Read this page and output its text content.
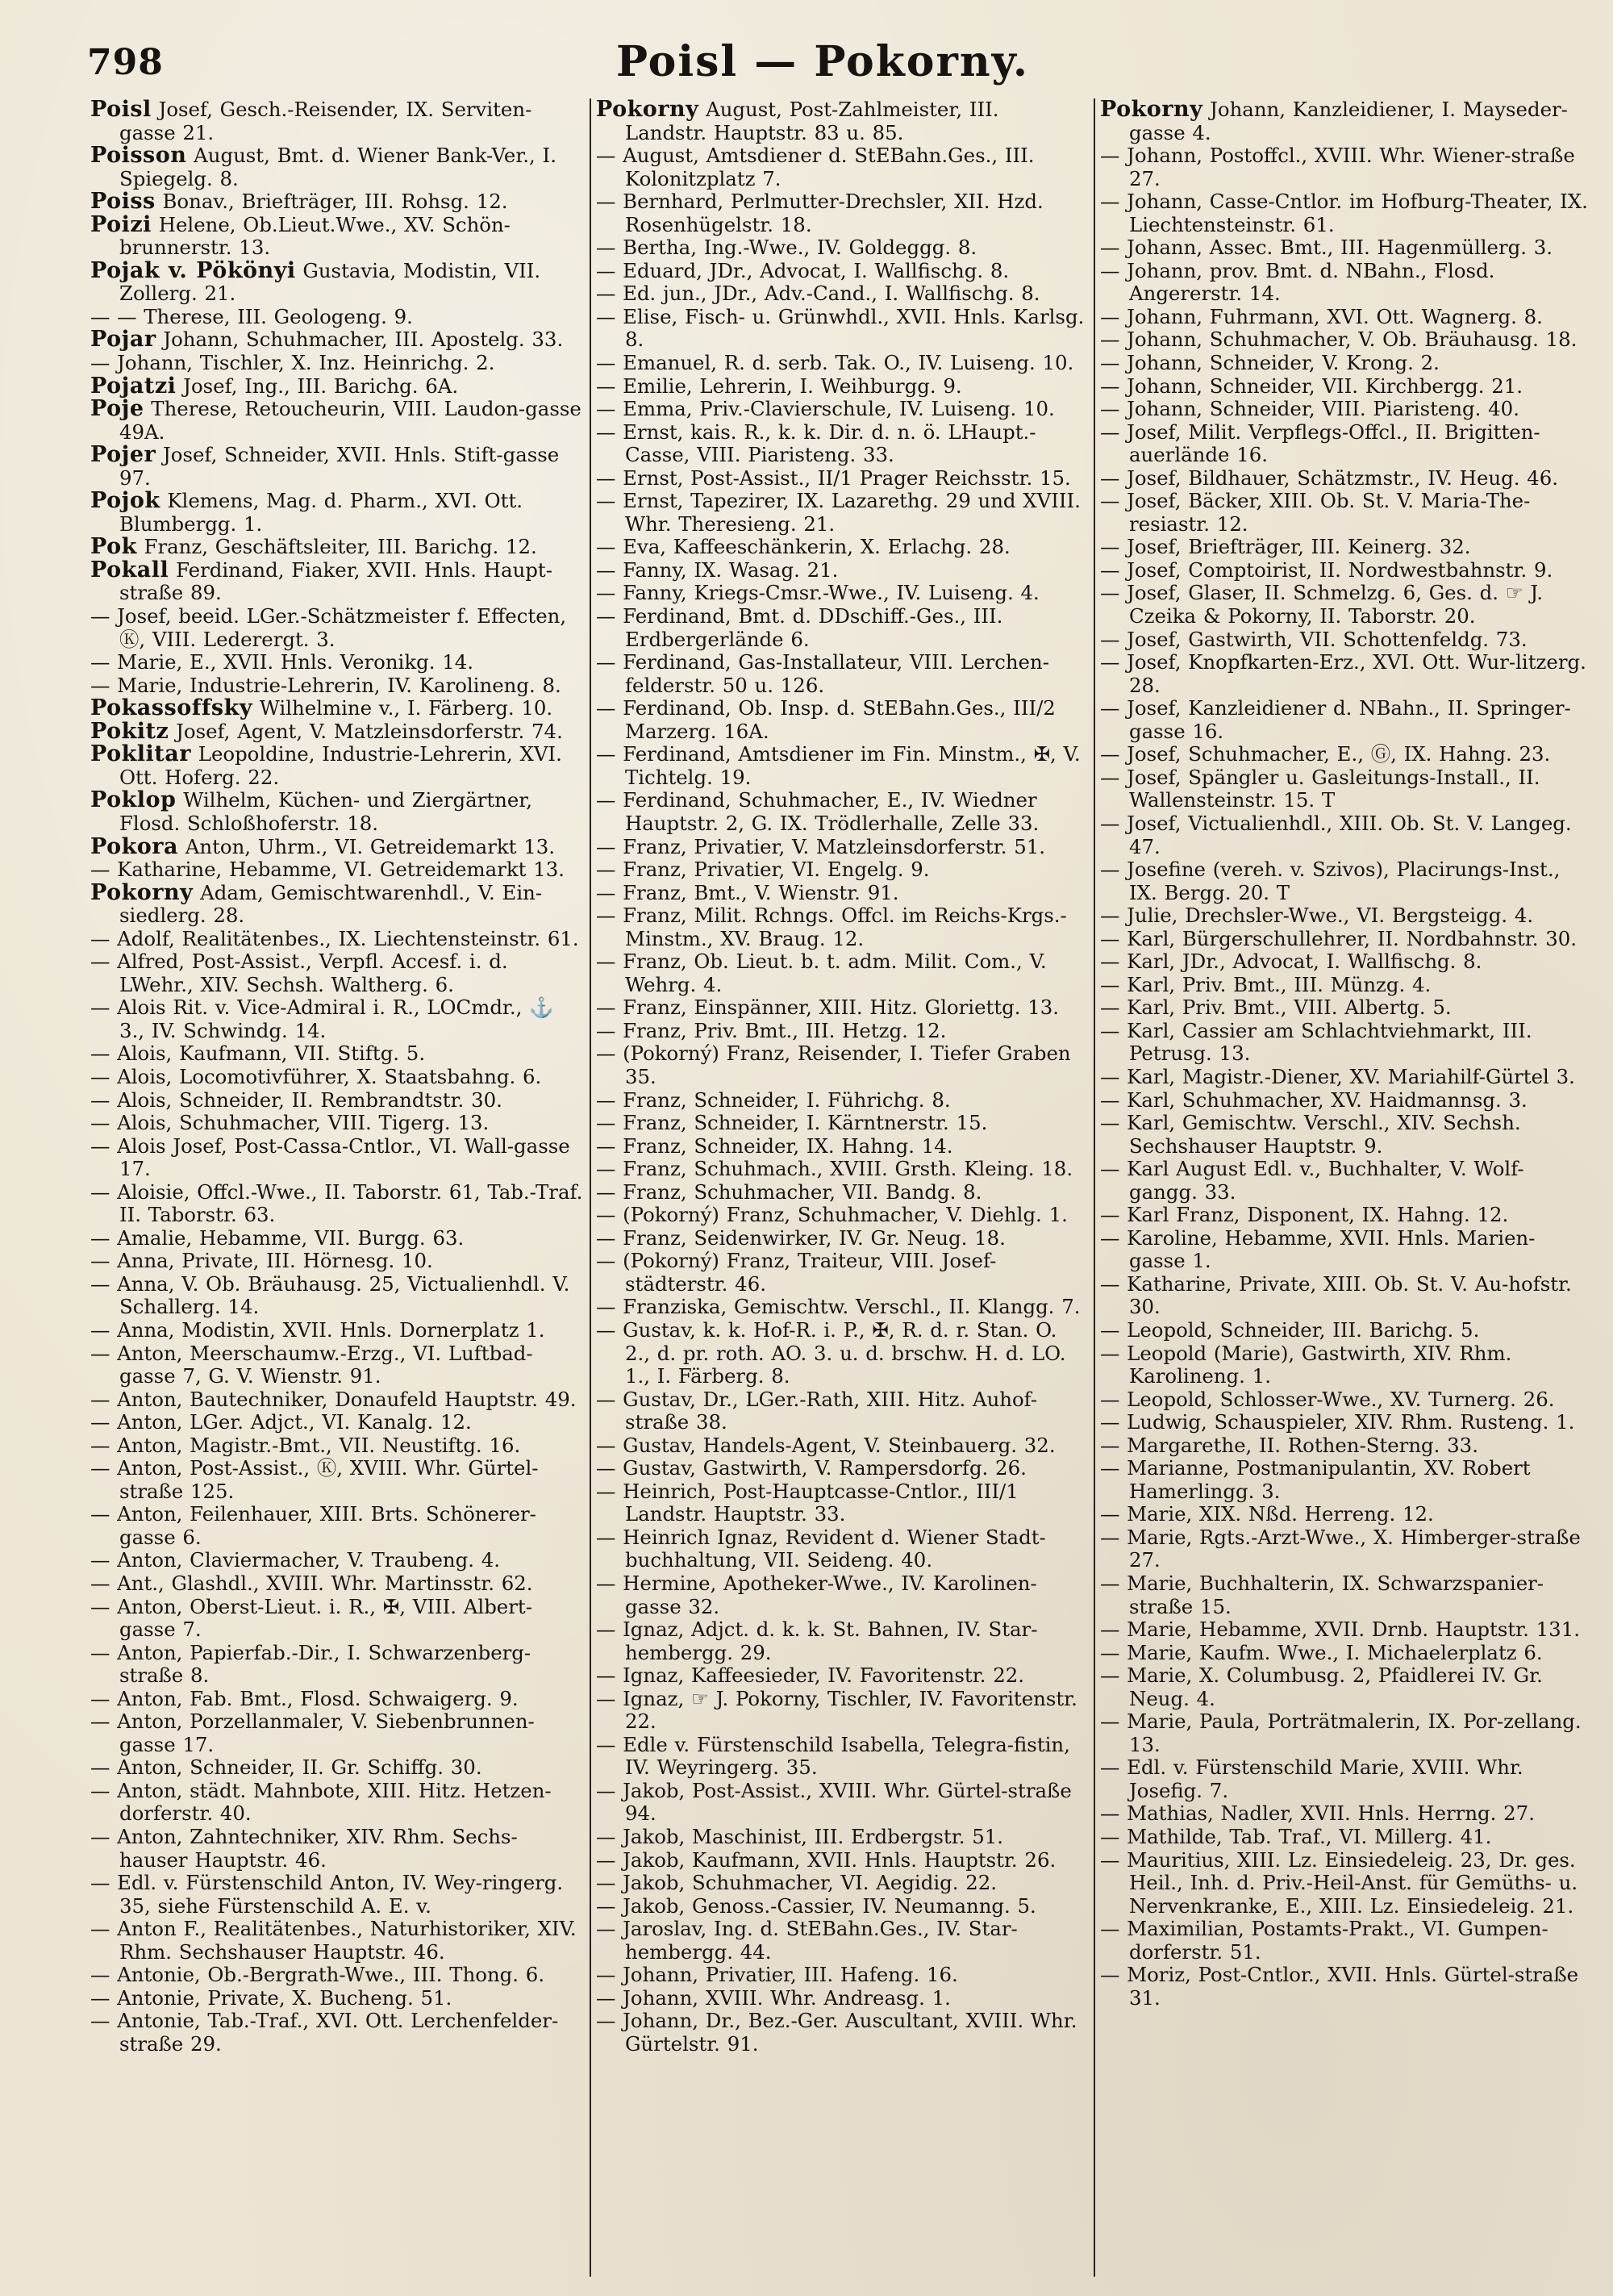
798	Poisl — Pokorny.

Poisl Josef, Gesch.-Reisender, IX. Serviten-gasse 21.

Poisson August, Bmt. d. Wiener Bank-Ver., I. Spiegelg. 8.

Poiss Bonav., Briefträger, III. Rohsg. 12.

Poizi Helene, Ob.Lieut.Wwe., XV. Schön-brunnerstr. 13.

Pojak v. Pökönyi Gustavia, Modistin, VII. Zollerg. 21.

— — Therese, III. Geologeng. 9.

Pojar Johann, Schuhmacher, III. Apostelg. 33.

— Johann, Tischler, X. Inz. Heinrichg. 2.

Pojatzi Josef, Ing., III. Barichg. 6A.

Poje Therese, Retoucheurin, VIII. Laudon-gasse 49A.

Pojer Josef, Schneider, XVII. Hnls. Stift-gasse 97.

Pojok Klemens, Mag. d. Pharm., XVI. Ott. Blumbergg. 1.

Pok Franz, Geschäftsleiter, III. Barichg. 12.

Pokall Ferdinand, Fiaker, XVII. Hnls. Haupt-straße 89.

— Josef, beeid. LGer.-Schätzmeister f. Effecten, Ⓚ, VIII. Lederergt. 3.

— Marie, E., XVII. Hnls. Veronikg. 14.

— Marie, Industrie-Lehrerin, IV. Karolineng. 8.

Pokassoffsky Wilhelmine v., I. Färberg. 10.

Pokitz Josef, Agent, V. Matzleinsdorferstr. 74.

Poklitar Leopoldine, Industrie-Lehrerin, XVI. Ott. Hoferg. 22.

Poklop Wilhelm, Küchen- und Ziergärtner, Flosd. Schloßhoferstr. 18.

Pokora Anton, Uhrm., VI. Getreidemarkt 13.

— Katharine, Hebamme, VI. Getreidemarkt 13.

Pokorny Adam, Gemischtwarenhdl., V. Ein-siedlerg. 28.

— Adolf, Realitätenbes., IX. Liechtensteinstr. 61.

— Alfred, Post-Assist., Verpfl. Accesf. i. d. LWehr., XIV. Sechsh. Waltherg. 6.

— Alois Rit. v. Vice-Admiral i. R., LOCmdr., ⚓ 3., IV. Schwindg. 14.

— Alois, Kaufmann, VII. Stiftg. 5.

— Alois, Locomotivführer, X. Staatsbahng. 6.

— Alois, Schneider, II. Rembrandtstr. 30.

— Alois, Schuhmacher, VIII. Tigerg. 13.

— Alois Josef, Post-Cassa-Cntlor., VI. Wall-gasse 17.

— Aloisie, Offcl.-Wwe., II. Taborstr. 61, Tab.-Traf. II. Taborstr. 63.

— Amalie, Hebamme, VII. Burgg. 63.

— Anna, Private, III. Hörnesg. 10.

— Anna, V. Ob. Bräuhausg. 25, Victualienhdl. V. Schallerg. 14.

— Anna, Modistin, XVII. Hnls. Dornerplatz 1.

— Anton, Meerschaumw.-Erzg., VI. Luftbad-gasse 7, G. V. Wienstr. 91.

— Anton, Bautechniker, Donaufeld Hauptstr. 49.

— Anton, LGer. Adjct., VI. Kanalg. 12.

— Anton, Magistr.-Bmt., VII. Neustiftg. 16.

— Anton, Post-Assist., Ⓚ, XVIII. Whr. Gürtel-straße 125.

— Anton, Feilenhauer, XIII. Brts. Schönerer-gasse 6.

— Anton, Claviermacher, V. Traubeng. 4.

— Ant., Glashdl., XVIII. Whr. Martinsstr. 62.

— Anton, Oberst-Lieut. i. R., ✠, VIII. Albert-gasse 7.

— Anton, Papierfab.-Dir., I. Schwarzenberg-straße 8.

— Anton, Fab. Bmt., Flosd. Schwaigerg. 9.

— Anton, Porzellanmaler, V. Siebenbrunnen-gasse 17.

— Anton, Schneider, II. Gr. Schiffg. 30.

— Anton, städt. Mahnbote, XIII. Hitz. Hetzen-dorferstr. 40.

— Anton, Zahntechniker, XIV. Rhm. Sechs-hauser Hauptstr. 46.

— Edl. v. Fürstenschild Anton, IV. Wey-ringerg. 35, siehe Fürstenschild A. E. v.

— Anton F., Realitätenbes., Naturhistoriker, XIV. Rhm. Sechshauser Hauptstr. 46.

— Antonie, Ob.-Bergrath-Wwe., III. Thong. 6.

— Antonie, Private, X. Bucheng. 51.

— Antonie, Tab.-Traf., XVI. Ott. Lerchenfelder-straße 29.

Pokorny August, Post-Zahlmeister, III. Landstr. Hauptstr. 83 u. 85.

— August, Amtsdiener d. StEBahn.Ges., III. Kolonitzplatz 7.

— Bernhard, Perlmutter-Drechsler, XII. Hzd. Rosenhügelstr. 18.

— Bertha, Ing.-Wwe., IV. Goldeggg. 8.

— Eduard, JDr., Advocat, I. Wallfischg. 8.

— Ed. jun., JDr., Adv.-Cand., I. Wallfischg. 8.

— Elise, Fisch- u. Grünwhdl., XVII. Hnls. Karlsg. 8.

— Emanuel, R. d. serb. Tak. O., IV. Luiseng. 10.

— Emilie, Lehrerin, I. Weihburgg. 9.

— Emma, Priv.-Clavierschule, IV. Luiseng. 10.

— Ernst, kais. R., k. k. Dir. d. n. ö. LHaupt.-Casse, VIII. Piaristeng. 33.

— Ernst, Post-Assist., II/1 Prager Reichsstr. 15.

— Ernst, Tapezirer, IX. Lazarethg. 29 und XVIII. Whr. Theresieng. 21.

— Eva, Kaffeeschänkerin, X. Erlachg. 28.

— Fanny, IX. Wasag. 21.

— Fanny, Kriegs-Cmsr.-Wwe., IV. Luiseng. 4.

— Ferdinand, Bmt. d. DDschiff.-Ges., III. Erdbergerlände 6.

— Ferdinand, Gas-Installateur, VIII. Lerchen-felderstr. 50 u. 126.

— Ferdinand, Ob. Insp. d. StEBahn.Ges., III/2 Marzerg. 16A.

— Ferdinand, Amtsdiener im Fin. Minstm., ✠, V. Tichtelg. 19.

— Ferdinand, Schuhmacher, E., IV. Wiedner Hauptstr. 2, G. IX. Trödlerhalle, Zelle 33.

— Franz, Privatier, V. Matzleinsdorferstr. 51.

— Franz, Privatier, VI. Engelg. 9.

— Franz, Bmt., V. Wienstr. 91.

— Franz, Milit. Rchngs. Offcl. im Reichs-Krgs.-Minstm., XV. Braug. 12.

— Franz, Ob. Lieut. b. t. adm. Milit. Com., V. Wehrg. 4.

— Franz, Einspänner, XIII. Hitz. Gloriettg. 13.

— Franz, Priv. Bmt., III. Hetzg. 12.

— (Pokorný) Franz, Reisender, I. Tiefer Graben 35.

— Franz, Schneider, I. Führichg. 8.

— Franz, Schneider, I. Kärntnerstr. 15.

— Franz, Schneider, IX. Hahng. 14.

— Franz, Schuhmach., XVIII. Grsth. Kleing. 18.

— Franz, Schuhmacher, VII. Bandg. 8.

— (Pokorný) Franz, Schuhmacher, V. Diehlg. 1.

— Franz, Seidenwirker, IV. Gr. Neug. 18.

— (Pokorný) Franz, Traiteur, VIII. Josef-städterstr. 46.

— Franziska, Gemischtw. Verschl., II. Klangg. 7.

— Gustav, k. k. Hof-R. i. P., ✠, R. d. r. Stan. O. 2., d. pr. roth. AO. 3. u. d. brschw. H. d. LO. 1., I. Färberg. 8.

— Gustav, Dr., LGer.-Rath, XIII. Hitz. Auhof-straße 38.

— Gustav, Handels-Agent, V. Steinbauerg. 32.

— Gustav, Gastwirth, V. Rampersdorfg. 26.

— Heinrich, Post-Hauptcasse-Cntlor., III/1 Landstr. Hauptstr. 33.

— Heinrich Ignaz, Revident d. Wiener Stadt-buchhaltung, VII. Seideng. 40.

— Hermine, Apotheker-Wwe., IV. Karolinen-gasse 32.

— Ignaz, Adjct. d. k. k. St. Bahnen, IV. Star-hembergg. 29.

— Ignaz, Kaffeesieder, IV. Favoritenstr. 22.

— Ignaz, ☞ J. Pokorny, Tischler, IV. Favoritenstr. 22.

— Edle v. Fürstenschild Isabella, Telegra-fistin, IV. Weyringerg. 35.

— Jakob, Post-Assist., XVIII. Whr. Gürtel-straße 94.

— Jakob, Maschinist, III. Erdbergstr. 51.

— Jakob, Kaufmann, XVII. Hnls. Hauptstr. 26.

— Jakob, Schuhmacher, VI. Aegidig. 22.

— Jakob, Genoss.-Cassier, IV. Neumanng. 5.

— Jaroslav, Ing. d. StEBahn.Ges., IV. Star-hembergg. 44.

— Johann, Privatier, III. Hafeng. 16.

— Johann, XVIII. Whr. Andreasg. 1.

— Johann, Dr., Bez.-Ger. Auscultant, XVIII. Whr. Gürtelstr. 91.

Pokorny Johann, Kanzleidiener, I. Mayseder-gasse 4.

— Johann, Postoffcl., XVIII. Whr. Wiener-straße 27.

— Johann, Casse-Cntlor. im Hofburg-Theater, IX. Liechtensteinstr. 61.

— Johann, Assec. Bmt., III. Hagenmüllerg. 3.

— Johann, prov. Bmt. d. NBahn., Flosd. Angererstr. 14.

— Johann, Fuhrmann, XVI. Ott. Wagnerg. 8.

— Johann, Schuhmacher, V. Ob. Bräuhausg. 18.

— Johann, Schneider, V. Krong. 2.

— Johann, Schneider, VII. Kirchbergg. 21.

— Johann, Schneider, VIII. Piaristeng. 40.

— Josef, Milit. Verpflegs-Offcl., II. Brigitten-auerlände 16.

— Josef, Bildhauer, Schätzmstr., IV. Heug. 46.

— Josef, Bäcker, XIII. Ob. St. V. Maria-The-resiastr. 12.

— Josef, Briefträger, III. Keinerg. 32.

— Josef, Comptoirist, II. Nordwestbahnstr. 9.

— Josef, Glaser, II. Schmelzg. 6, Ges. d. ☞ J. Czeika & Pokorny, II. Taborstr. 20.

— Josef, Gastwirth, VII. Schottenfeldg. 73.

— Josef, Knopfkarten-Erz., XVI. Ott. Wur-litzerg. 28.

— Josef, Kanzleidiener d. NBahn., II. Springer-gasse 16.

— Josef, Schuhmacher, E., Ⓖ, IX. Hahng. 23.

— Josef, Spängler u. Gasleitungs-Install., II. Wallensteinstr. 15. T

— Josef, Victualienhdl., XIII. Ob. St. V. Langeg. 47.

— Josefine (vereh. v. Szivos), Placirungs-Inst., IX. Bergg. 20. T

— Julie, Drechsler-Wwe., VI. Bergsteigg. 4.

— Karl, Bürgerschullehrer, II. Nordbahnstr. 30.

— Karl, JDr., Advocat, I. Wallfischg. 8.

— Karl, Priv. Bmt., III. Münzg. 4.

— Karl, Priv. Bmt., VIII. Albertg. 5.

— Karl, Cassier am Schlachtviehmarkt, III. Petrusg. 13.

— Karl, Magistr.-Diener, XV. Mariahilf-Gürtel 3.

— Karl, Schuhmacher, XV. Haidmannsg. 3.

— Karl, Gemischtw. Verschl., XIV. Sechsh. Sechshauser Hauptstr. 9.

— Karl August Edl. v., Buchhalter, V. Wolf-gangg. 33.

— Karl Franz, Disponent, IX. Hahng. 12.

— Karoline, Hebamme, XVII. Hnls. Marien-gasse 1.

— Katharine, Private, XIII. Ob. St. V. Au-hofstr. 30.

— Leopold, Schneider, III. Barichg. 5.

— Leopold (Marie), Gastwirth, XIV. Rhm. Karolineng. 1.

— Leopold, Schlosser-Wwe., XV. Turnerg. 26.

— Ludwig, Schauspieler, XIV. Rhm. Rusteng. 1.

— Margarethe, II. Rothen-Sterng. 33.

— Marianne, Postmanipulantin, XV. Robert Hamerlingg. 3.

— Marie, XIX. Nßd. Herreng. 12.

— Marie, Rgts.-Arzt-Wwe., X. Himberger-straße 27.

— Marie, Buchhalterin, IX. Schwarzspanier-straße 15.

— Marie, Hebamme, XVII. Drnb. Hauptstr. 131.

— Marie, Kaufm. Wwe., I. Michaelerplatz 6.

— Marie, X. Columbusg. 2, Pfaidlerei IV. Gr. Neug. 4.

— Marie, Paula, Porträtmalerin, IX. Por-zellang. 13.

— Edl. v. Fürstenschild Marie, XVIII. Whr. Josefig. 7.

— Mathias, Nadler, XVII. Hnls. Herrng. 27.

— Mathilde, Tab. Traf., VI. Millerg. 41.

— Mauritius, XIII. Lz. Einsiedeleig. 23, Dr. ges. Heil., Inh. d. Priv.-Heil-Anst. für Gemüths- u. Nervenkranke, E., XIII. Lz. Einsiedeleig. 21.

— Maximilian, Postamts-Prakt., VI. Gumpen-dorferstr. 51.

— Moriz, Post-Cntlor., XVII. Hnls. Gürtel-straße 31.
